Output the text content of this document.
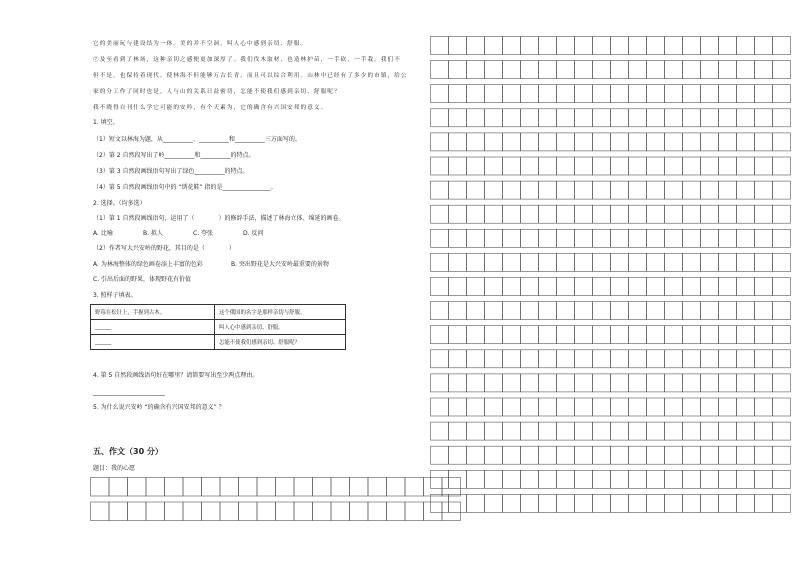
它的美丽玩与建设结为一体。美的并不空洞。叫人心中感到亲切、舒服。
⑦及至看到了林场，这种亲切之感便更加深厚了。我们伐木取材，也造林护苗，一手砍，一手栽。我们不
但不是，也保持着现代。使林海不但能够万古长青，而且可以综合利用。山林中已经有了多少的市镇，给公
家的分工作了同时也是，人与山的关系日益密切，怎能不使我们感到亲切、舒服呢？
我不晓得自刊什么学它可能的安吟，有个天素为，它的确含有兴国安邦的意义。
1. 填空。
（1）短文以林海为题，从__________、__________和__________三方面写的。
（2）第 2 自然段写出了岭__________和__________的特点。
（3）第 3 自然段画线语句写出了绿色__________的特点。
（4）第 5 自然段画线语句中的 “绣花鞋” 指的是________________。
2. 选择。（均多选）
（1）第 1 自然段画线语句，运用了（　　　　）的修辞手法，描述了林海立体、绵延的画卷。
A. 比喻	B. 拟人	C. 夸张	D. 反问
（2）作者写大兴安岭的野花，其目的是（　　　　）
A. 为林海整体的绿色画卷添上丰富的色彩	B. 突出野花是大兴安岭最重要的景物
C. 引出后面的野果，体现野花有价值
3. 照样子填表。
野莓在松针上，手握到古木。	这个俄国的名字是那样亲切与舒服。
______	叫人心中感到亲切、舒服。
______	怎能不使我们感到亲切、舒服呢？
4. 第 5 自然段画线语句好在哪里？请简要写出至少两点理由。
________________________
5. 为什么说兴安岭 “的确含有兴国安邦的意义” ？
五、作文（30 分）
题目：我的心愿
